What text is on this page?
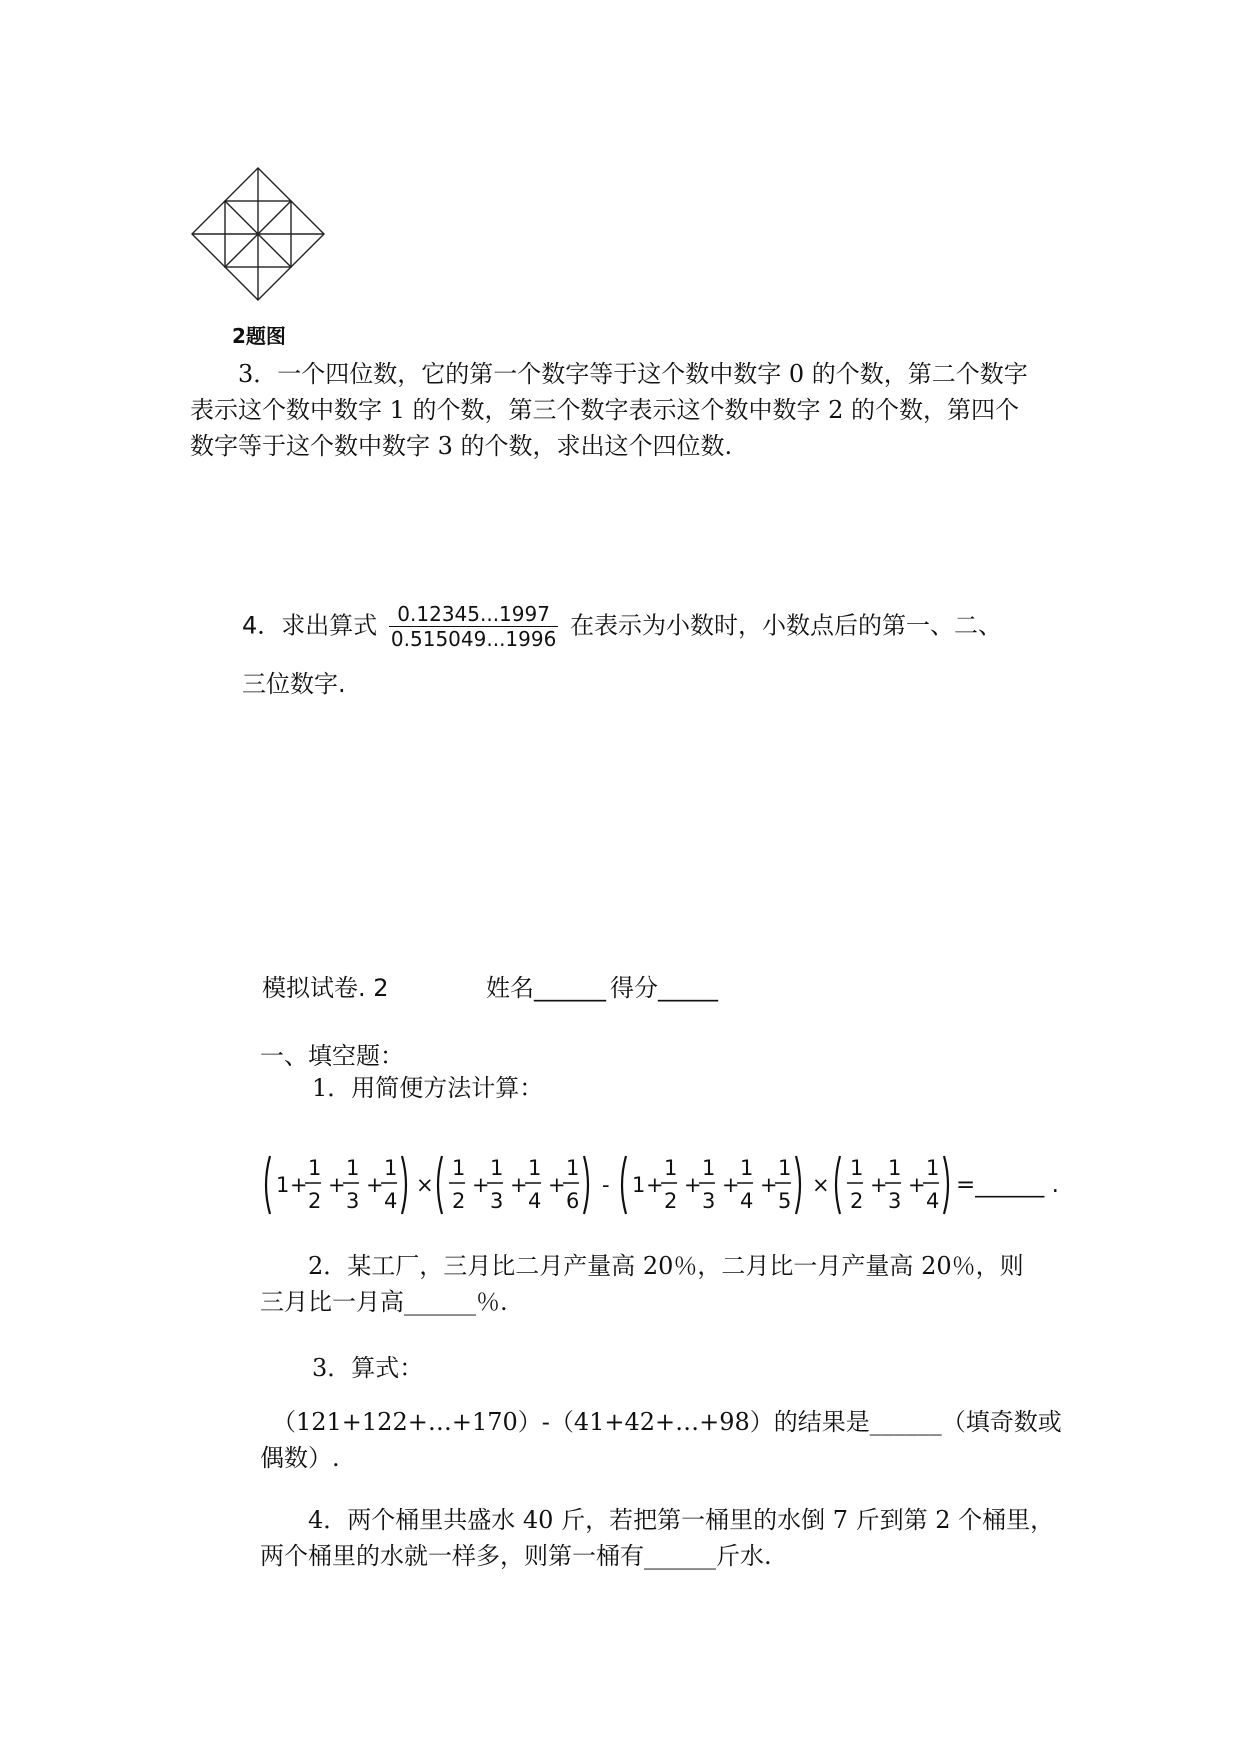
2题图
　　3．一个四位数，它的第一个数字等于这个数中数字 0 的个数，第二个数字
表示这个数中数字 1 的个数，第三个数字表示这个数中数字 2 的个数，第四个
数字等于这个数中数字 3 的个数，求出这个四位数.
4．求出算式 $\frac{0.12345...1997}{0.515049...1996}$ 在表示为小数时，小数点后的第一、二、
三位数字.
模拟试卷. 2	姓名______ 得分_____
一、填空题：
1．用简便方法计算：
1 +
1
2
+
1
3
+
1
4
×
1
2
+
1
3
+
1
4
+
1
6
- 1 +
1
2
+
1
3
+
1
4
+
1
5
×
1
2
+
1
3
+
1
4
=______ .
　　2．某工厂，三月比二月产量高 20％，二月比一月产量高 20％，则
三月比一月高______％.
3．算式：
　（121+122+…+170）-（41+42+…+98）的结果是______（填奇数或
偶数）.
　　4．两个桶里共盛水 40 斤，若把第一桶里的水倒 7 斤到第 2 个桶里，
两个桶里的水就一样多，则第一桶有______斤水.
